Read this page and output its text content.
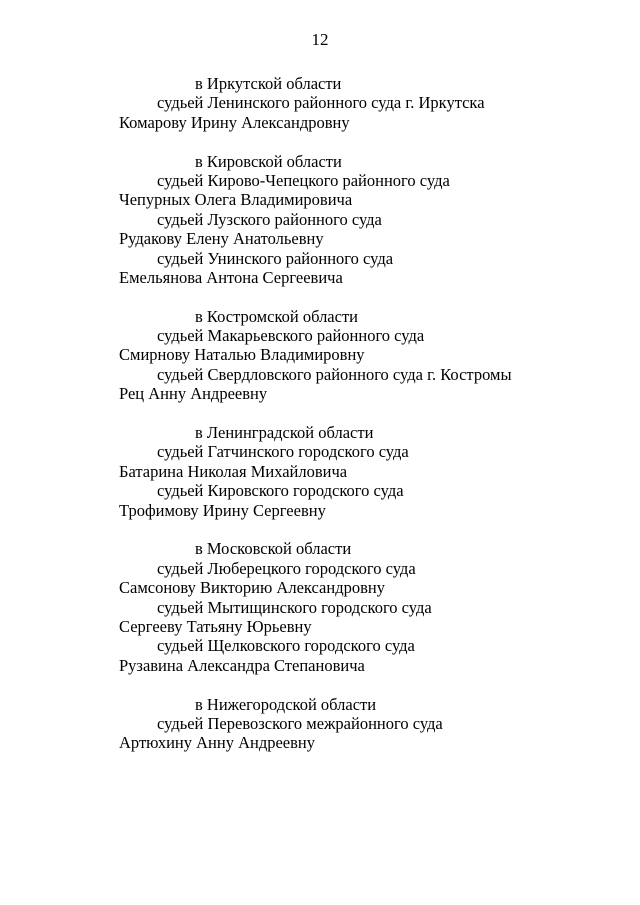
12
в Иркутской области
судьей Ленинского районного суда г. Иркутска
Комарову Ирину Александровну
в Кировской области
судьей Кирово-Чепецкого районного суда
Чепурных Олега Владимировича
судьей Лузского районного суда
Рудакову Елену Анатольевну
судьей Унинского районного суда
Емельянова Антона Сергеевича
в Костромской области
судьей Макарьевского районного суда
Смирнову Наталью Владимировну
судьей Свердловского районного суда г. Костромы
Рец Анну Андреевну
в Ленинградской области
судьей Гатчинского городского суда
Батарина Николая Михайловича
судьей Кировского городского суда
Трофимову Ирину Сергеевну
в Московской области
судьей Люберецкого городского суда
Самсонову Викторию Александровну
судьей Мытищинского городского суда
Сергееву Татьяну Юрьевну
судьей Щелковского городского суда
Рузавина Александра Степановича
в Нижегородской области
судьей Перевозского межрайонного суда
Артюхину Анну Андреевну
